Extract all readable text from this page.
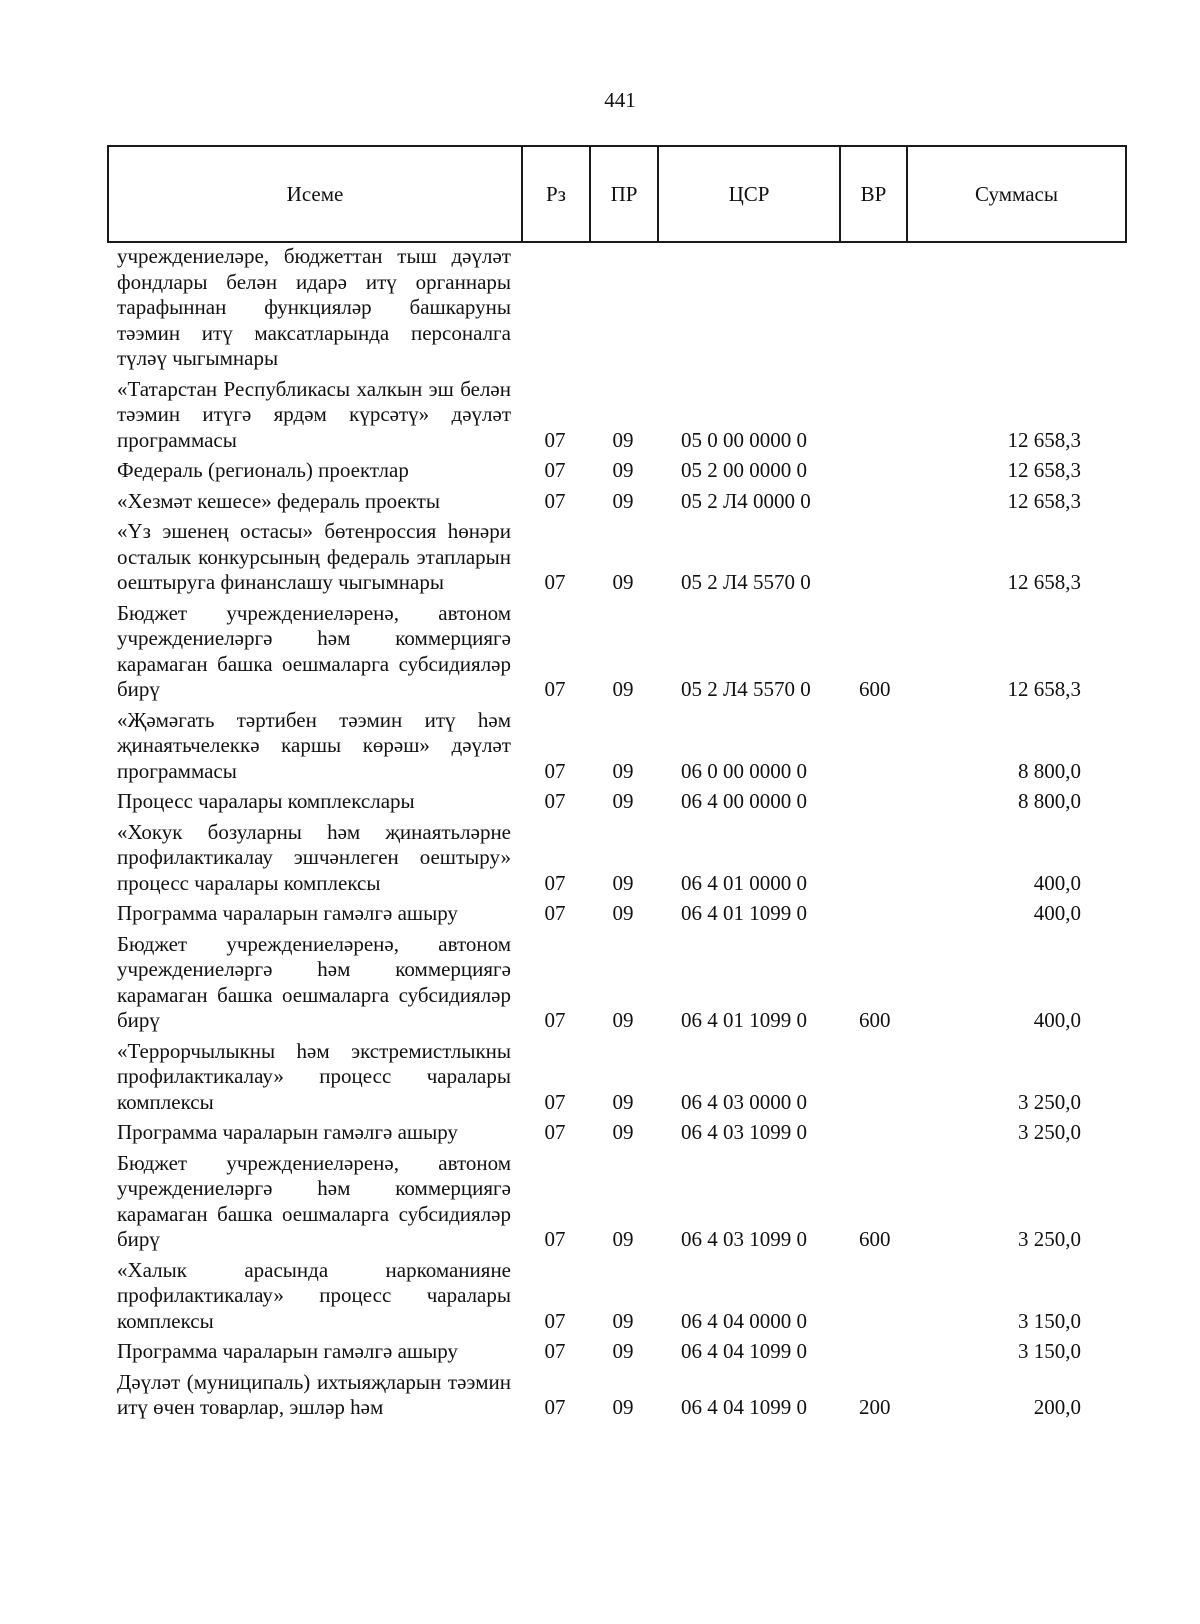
441
Исеме	Рз	ПР	ЦСР	ВР	Суммасы
учреждениеләре, бюджеттан тыш дәүләт фондлары белән идарә итү органнары тарафыннан функцияләр башкаруны тәэмин итү максатларында персоналга түләү чыгымнары					
«Татарстан Республикасы халкын эш белән тәэмин итүгә ярдәм күрсәтү» дәүләт программасы	07	09	05 0 00 0000 0		12 658,3
Федераль (региональ) проектлар	07	09	05 2 00 0000 0		12 658,3
«Хезмәт кешесе» федераль проекты	07	09	05 2 Л4 0000 0		12 658,3
«Үз эшенең остасы» бөтенроссия һөнәри осталык конкурсының федераль этапларын оештыруга финанслашу чыгымнары	07	09	05 2 Л4 5570 0		12 658,3
Бюджет учреждениеләренә, автоном учреждениеләргә һәм коммерциягә карамаган башка оешмаларга субсидияләр бирү	07	09	05 2 Л4 5570 0	600	12 658,3
«Җәмәгать тәртибен тәэмин итү һәм җинаятьчелеккә каршы көрәш» дәүләт программасы	07	09	06 0 00 0000 0		8 800,0
Процесс чаралары комплекслары	07	09	06 4 00 0000 0		8 800,0
«Хокук бозуларны һәм җинаятьләрне профилактикалау эшчәнлеген оештыру» процесс чаралары комплексы	07	09	06 4 01 0000 0		400,0
Программа чараларын гамәлгә ашыру	07	09	06 4 01 1099 0		400,0
Бюджет учреждениеләренә, автоном учреждениеләргә һәм коммерциягә карамаган башка оешмаларга субсидияләр бирү	07	09	06 4 01 1099 0	600	400,0
«Террорчылыкны һәм экстремистлыкны профилактикалау» процесс чаралары комплексы	07	09	06 4 03 0000 0		3 250,0
Программа чараларын гамәлгә ашыру	07	09	06 4 03 1099 0		3 250,0
Бюджет учреждениеләренә, автоном учреждениеләргә һәм коммерциягә карамаган башка оешмаларга субсидияләр бирү	07	09	06 4 03 1099 0	600	3 250,0
«Халык арасында наркоманияне профилактикалау» процесс чаралары комплексы	07	09	06 4 04 0000 0		3 150,0
Программа чараларын гамәлгә ашыру	07	09	06 4 04 1099 0		3 150,0
Дәүләт (муниципаль) ихтыяҗларын тәэмин итү өчен товарлар, эшләр һәм	07	09	06 4 04 1099 0	200	200,0
